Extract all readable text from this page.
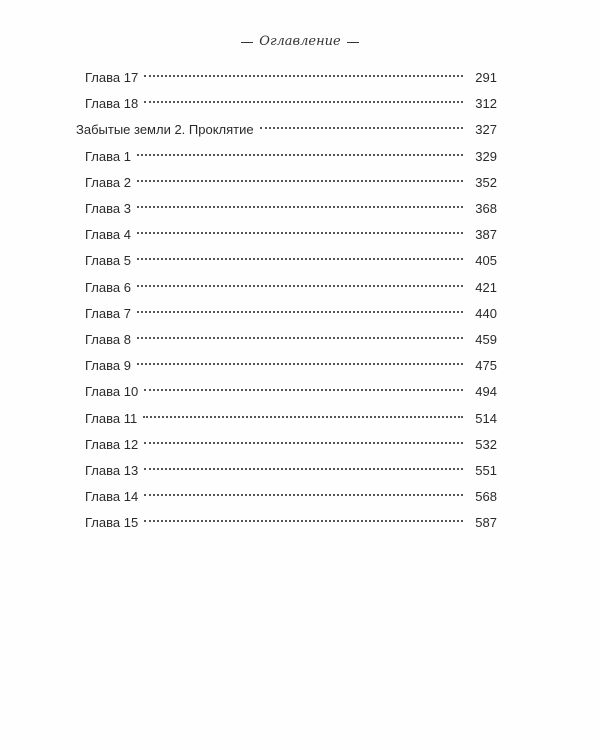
Оглавление
Глава 17	291
Глава 18	312
Забытые земли 2. Проклятие	327
Глава 1	329
Глава 2	352
Глава 3	368
Глава 4	387
Глава 5	405
Глава 6	421
Глава 7	440
Глава 8	459
Глава 9	475
Глава 10	494
Глава 11	514
Глава 12	532
Глава 13	551
Глава 14	568
Глава 15	587
